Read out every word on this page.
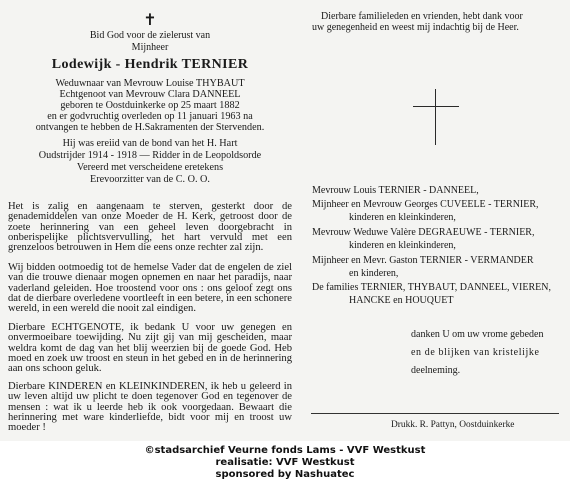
✝
Bid God voor de zielerust van
Mijnheer
Lodewijk - Hendrik TERNIER
Weduwnaar van Mevrouw Louise THYBAUT
Echtgenoot van Mevrouw Clara DANNEEL
geboren te Oostduinkerke op 25 maart 1882
en er godvruchtig overleden op 11 januari 1963 na
ontvangen te hebben de H.Sakramenten der Stervenden.
Hij was ereiid van de bond van het H. Hart
Oudstrijder 1914 - 1918 — Ridder in de Leopoldsorde
Vereerd met verscheidene eretekens
Erevoorzitter van de C. O. O.

Het is zalig en aangenaam te sterven, gesterkt door de genademiddelen van onze Moeder de H. Kerk, getroost door de zoete herinnering van een geheel leven doorgebracht in onberispelijke plichtsvervulling, het hart vervuld met een grenzeloos betrouwen in Hem die eens onze rechter zal zijn.

Wij bidden ootmoedig tot de hemelse Vader dat de engelen de ziel van die trouwe dienaar mogen opnemen en naar het paradijs, naar vaderland geleiden. Hoe troostend voor ons : ons geloof zegt ons dat de dierbare overledene voortleeft in een betere, in een schonere wereld, in een wereld die nooit zal eindigen.

Dierbare ECHTGENOTE, ik bedank U voor uw genegen en onvermoeibare toewijding. Nu zijt gij van mij gescheiden, maar weldra komt de dag van het blij weerzien bij de goede God. Heb moed en zoek uw troost en steun in het gebed en in de herinnering aan ons schoon geluk.

Dierbare KINDEREN en KLEINKINDEREN, ik heb u geleerd in uw leven altijd uw plicht te doen tegenover God en tegenover de mensen : wat ik u leerde heb ik ook voorgedaan. Bewaart die herinnering met ware kinderliefde, bidt voor mij en troost uw moeder !

Dierbare familieleden en vrienden, hebt dank voor
uw genegenheid en weest mij indachtig bij de Heer.
Mevrouw Louis TERNIER - DANNEEL,
Mijnheer en Mevrouw Georges CUVEELE - TERNIER,
kinderen en kleinkinderen,
Mevrouw Weduwe Valère DEGRAEUWE - TERNIER,
kinderen en kleinkinderen,
Mijnheer en Mevr. Gaston TERNIER - VERMANDER
en kinderen,
De families TERNIER, THYBAUT, DANNEEL, VIEREN,
HANCKE en HOUQUET
danken U om uw vrome gebeden
en de blijken van kristelijke
deelneming.
Drukk. R. Pattyn, Oostduinkerke
©stadsarchief Veurne fonds Lams - VVF Westkust
realisatie: VVF Westkust
sponsored by Nashuatec
